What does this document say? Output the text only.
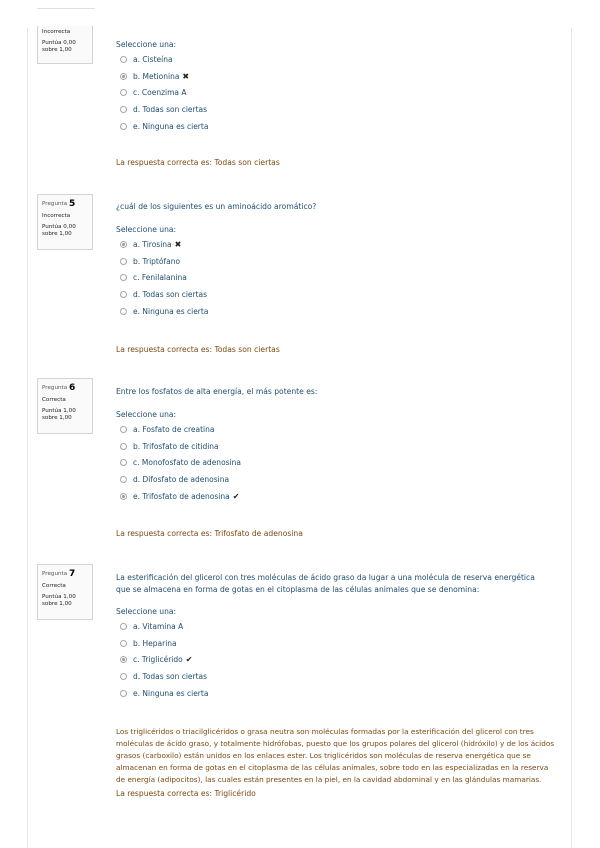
Incorrecta
Puntúa 0,00
sobre 1,00
Seleccione una:
a. Cisteína
b. Metionina ✖
c. Coenzima A
d. Todas son ciertas
e. Ninguna es cierta
La respuesta correcta es: Todas son ciertas
Pregunta 5
Incorrecta
Puntúa 0,00
sobre 1,00
¿cuál de los siguientes es un aminoácido aromático?
Seleccione una:
a. Tirosina ✖
b. Triptófano
c. Fenilalanina
d. Todas son ciertas
e. Ninguna es cierta
La respuesta correcta es: Todas son ciertas
Pregunta 6
Correcta
Puntúa 1,00
sobre 1,00
Entre los fosfatos de alta energía, el más potente es:
Seleccione una:
a. Fosfato de creatina
b. Trifosfato de citidina
c. Monofosfato de adenosina
d. Difosfato de adenosina
e. Trifosfato de adenosina ✔
La respuesta correcta es: Trifosfato de adenosina
Pregunta 7
Correcta
Puntúa 1,00
sobre 1,00
La esterificación del glicerol con tres moléculas de ácido graso da lugar a una molécula de reserva energética que se almacena en forma de gotas en el citoplasma de las células animales que se denomina:
Seleccione una:
a. Vitamina A
b. Heparina
c. Triglicérido ✔
d. Todas son ciertas
e. Ninguna es cierta
Los triglicéridos o triacilglicéridos o grasa neutra son moléculas formadas por la esterificación del glicerol con tres moléculas de ácido graso, y totalmente hidrófobas, puesto que los grupos polares del glicerol (hidróxilo) y de los ácidos grasos (carboxilo) están unidos en los enlaces ester. Los triglicéridos son moléculas de reserva energética que se almacenan en forma de gotas en el citoplasma de las células animales, sobre todo en las especializadas en la reserva de energía (adipocitos), las cuales están presentes en la piel, en la cavidad abdominal y en las glándulas mamarias.
La respuesta correcta es: Triglicérido
